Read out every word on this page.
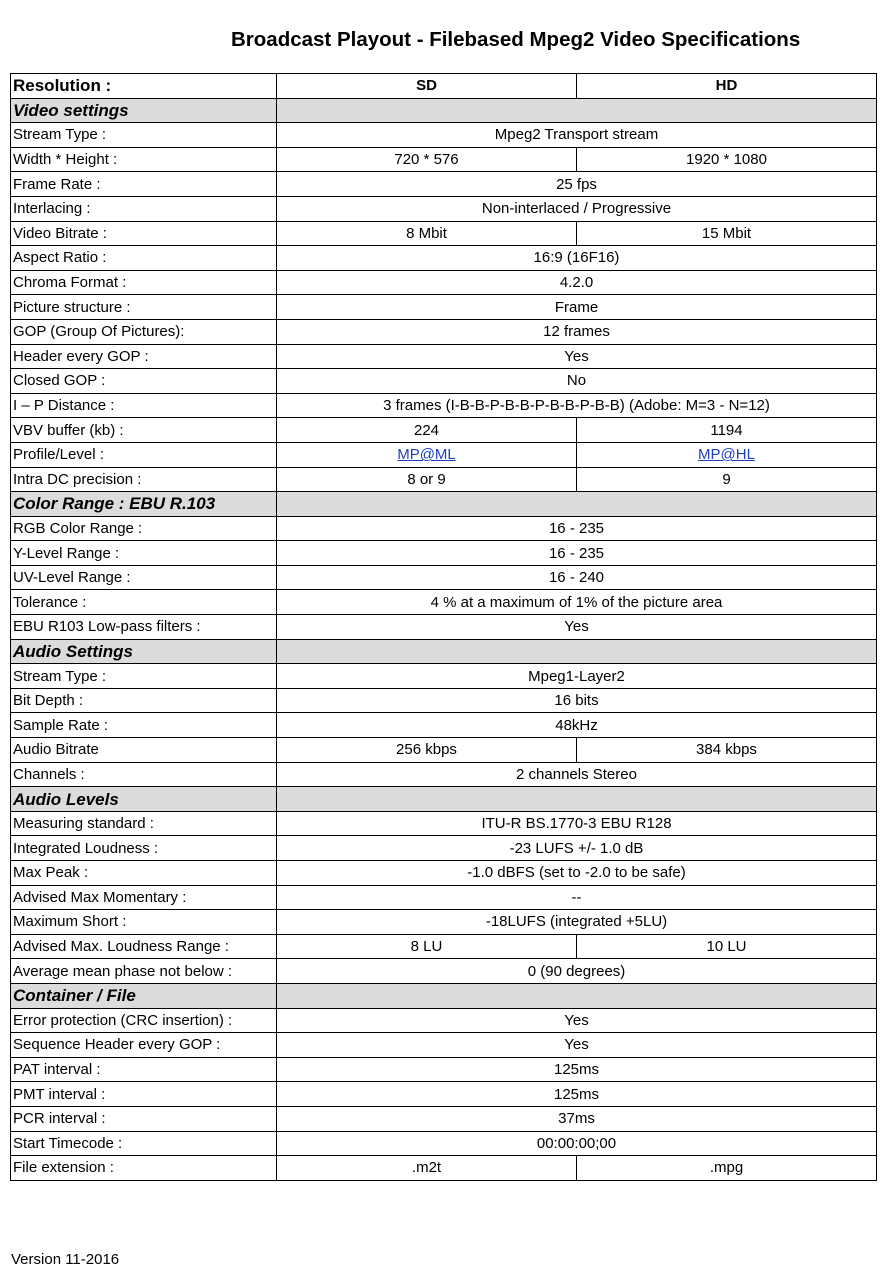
Broadcast Playout - Filebased Mpeg2 Video Specifications
Resolution :	SD	HD
Video settings		
Stream Type :	Mpeg2 Transport stream	
Width * Height :	720 * 576	1920 * 1080
Frame Rate :	25 fps	
Interlacing :	Non-interlaced / Progressive	
Video Bitrate :	8 Mbit	15 Mbit
Aspect Ratio :	16:9 (16F16)	
Chroma Format :	4.2.0	
Picture structure :	Frame	
GOP (Group Of Pictures):	12 frames	
Header every GOP :	Yes	
Closed GOP :	No	
I – P Distance :	3 frames (I-B-B-P-B-B-P-B-B-P-B-B) (Adobe: M=3 - N=12)	
VBV buffer (kb) :	224	1194
Profile/Level :	MP@ML	MP@HL
Intra DC precision :	8 or 9	9
Color Range : EBU R.103		
RGB Color Range :	16 - 235	
Y-Level Range :	16 - 235	
UV-Level Range :	16 - 240	
Tolerance :	4 % at a maximum of 1% of the picture area	
EBU R103 Low-pass filters :	Yes	
Audio Settings		
Stream Type :	Mpeg1-Layer2	
Bit Depth :	16 bits	
Sample Rate :	48kHz	
Audio Bitrate	256 kbps	384 kbps
Channels :	2 channels Stereo	
Audio Levels		
Measuring standard :	ITU-R BS.1770-3 EBU R128	
Integrated Loudness :	-23 LUFS +/- 1.0 dB	
Max Peak :	-1.0 dBFS (set to -2.0 to be safe)	
Advised Max Momentary :	--	
Maximum Short :	-18LUFS (integrated +5LU)	
Advised Max. Loudness Range :	8 LU	10 LU
Average mean phase not below :	0 (90 degrees)	
Container / File		
Error protection (CRC insertion) :	Yes	
Sequence Header every GOP :	Yes	
PAT interval :	125ms	
PMT interval :	125ms	
PCR interval :	37ms	
Start Timecode :	00:00:00;00	
File extension :	.m2t	.mpg
Version 11-2016
